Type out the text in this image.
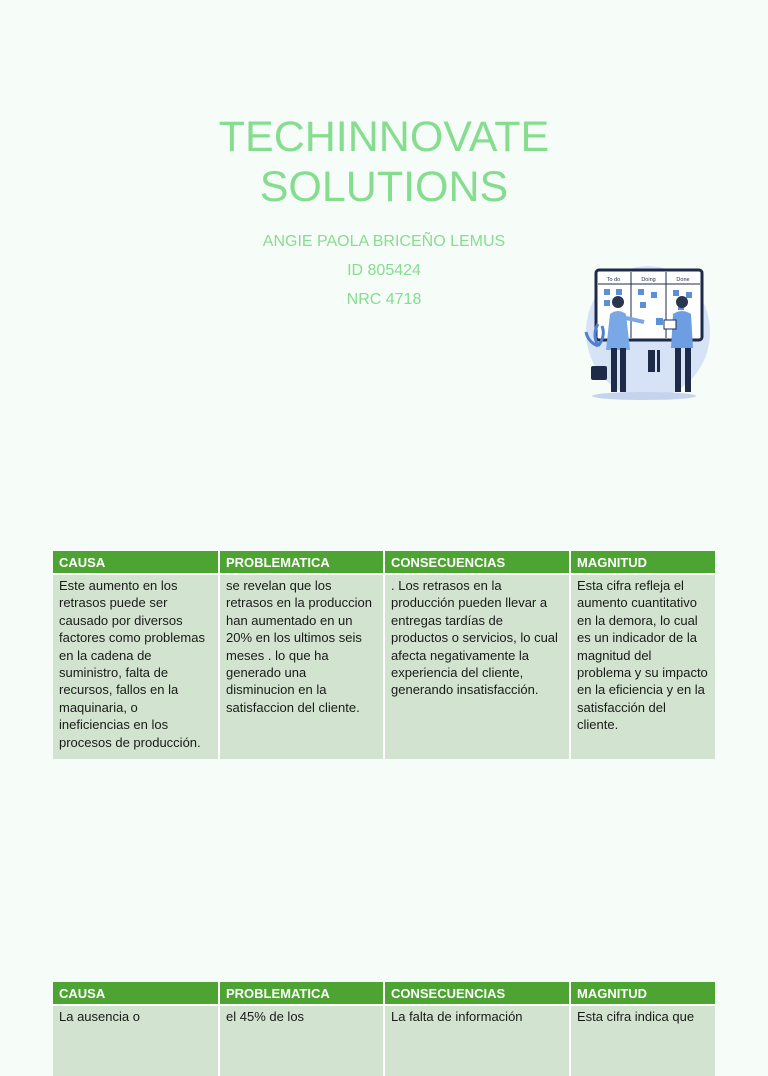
TECHINNOVATE
SOLUTIONS
ANGIE PAOLA BRICEÑO LEMUS
ID 805424
NRC 4718
To do	Doing	Done
CAUSA	PROBLEMATICA	CONSECUENCIAS	MAGNITUD
Este aumento en los retrasos puede ser causado por diversos factores como problemas en la cadena de suministro, falta de recursos, fallos en la maquinaria, o ineficiencias en los procesos de producción.	se revelan que los retrasos en la produccion han aumentado en un 20% en los ultimos seis meses . lo que ha generado una disminucion en la satisfaccion del cliente.	. Los retrasos en la producción pueden llevar a entregas tardías de productos o servicios, lo cual afecta negativamente la experiencia del cliente, generando insatisfacción.	Esta cifra refleja el aumento cuantitativo en la demora, lo cual es un indicador de la magnitud del problema y su impacto en la eficiencia y en la satisfacción del cliente.
CAUSA	PROBLEMATICA	CONSECUENCIAS	MAGNITUD
La ausencia o	el 45% de los	La falta de información	Esta cifra indica que
